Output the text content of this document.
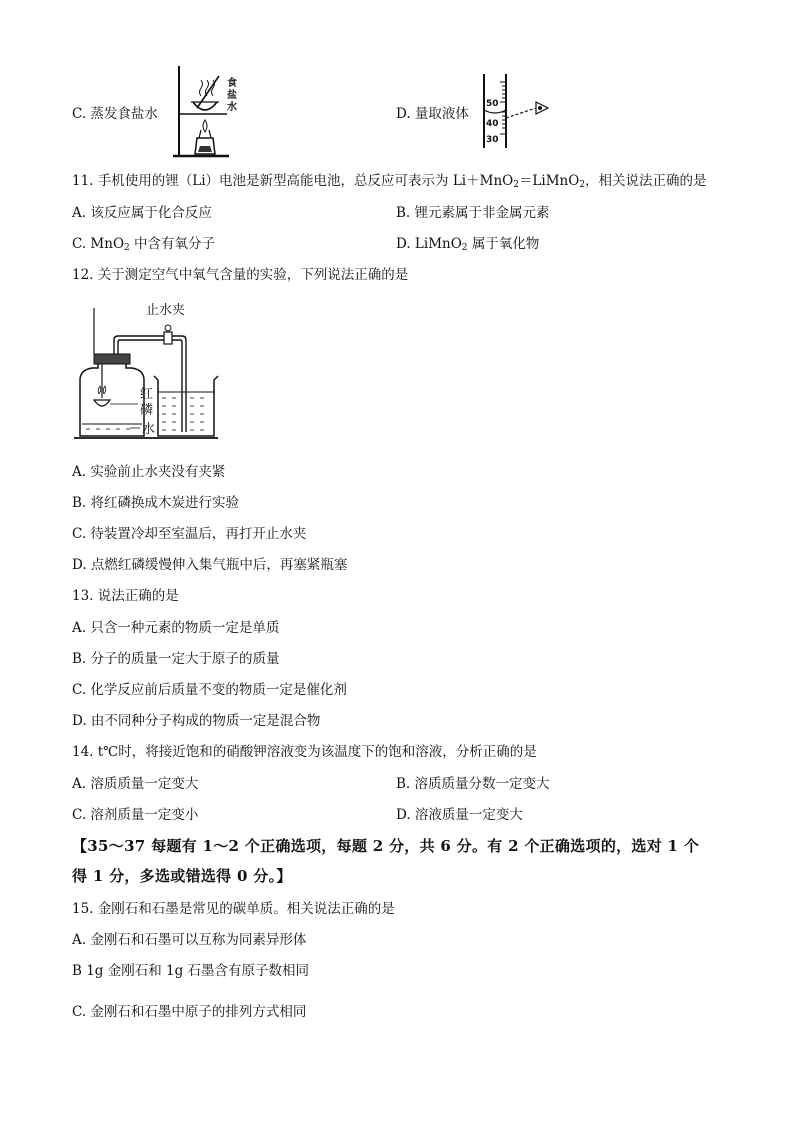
C. 蒸发食盐水
食
盐
水	D. 量取液体
50
40
30
11. 手机使用的锂（Li）电池是新型高能电池，总反应可表示为 Li＋MnO$_2$＝LiMnO$_2$，相关说法正确的是
A. 该反应属于化合反应	B. 锂元素属于非金属元素
C. MnO$_2$ 中含有氧分子	D. LiMnO$_2$ 属于氧化物
12. 关于测定空气中氧气含量的实验，下列说法正确的是
止水夹
红
磷
水
A. 实验前止水夹没有夹紧
B. 将红磷换成木炭进行实验
C. 待装置冷却至室温后，再打开止水夹
D. 点燃红磷缓慢伸入集气瓶中后，再塞紧瓶塞
13. 说法正确的是
A. 只含一种元素的物质一定是单质
B. 分子的质量一定大于原子的质量
C. 化学反应前后质量不变的物质一定是催化剂
D. 由不同种分子构成的物质一定是混合物
14. t℃时，将接近饱和的硝酸钾溶液变为该温度下的饱和溶液，分析正确的是
A. 溶质质量一定变大	B. 溶质质量分数一定变大
C. 溶剂质量一定变小	D. 溶液质量一定变大
【35～37 每题有 1～2 个正确选项，每题 2 分，共 6 分。有 2 个正确选项的，选对 1 个
得 1 分，多选或错选得 0 分。】
15. 金刚石和石墨是常见的碳单质。相关说法正确的是
A. 金刚石和石墨可以互称为同素异形体
B 1g 金刚石和 1g 石墨含有原子数相同
C. 金刚石和石墨中原子的排列方式相同
